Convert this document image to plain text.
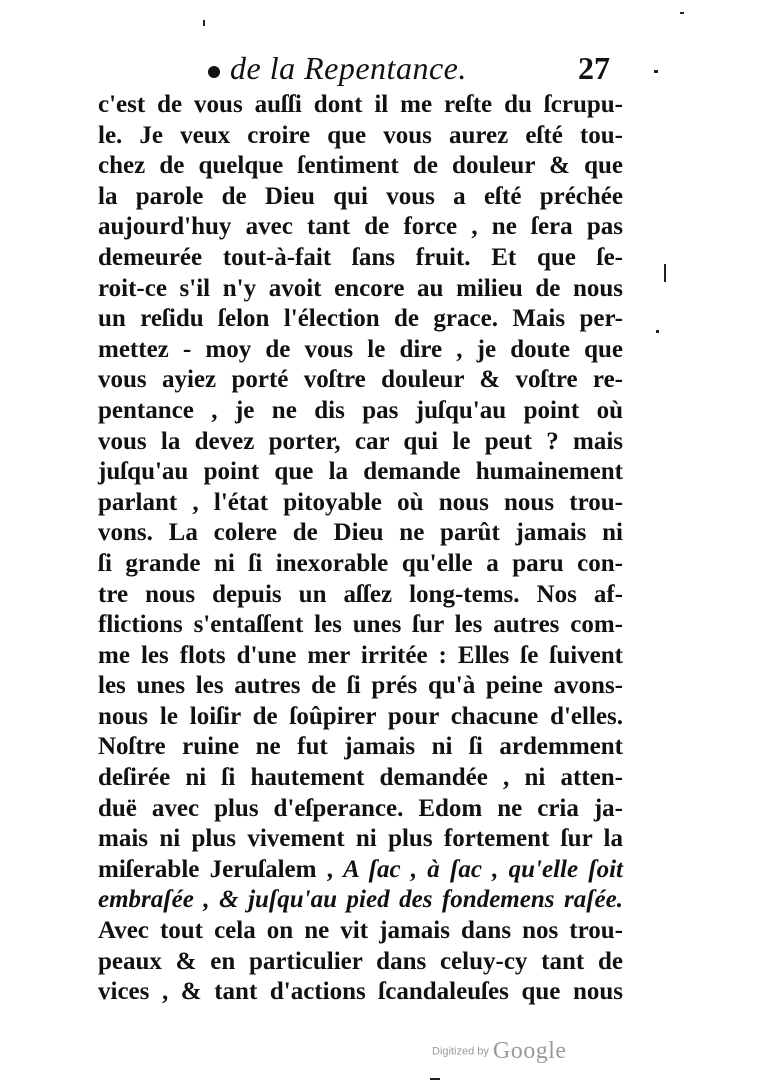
de la Repentance.	27
c'est de vous auſſi dont il me reſte du ſcrupu-
le. Je veux croire que vous aurez eſté tou-
chez de quelque ſentiment de douleur & que
la parole de Dieu qui vous a eſté préchée
aujourd'huy avec tant de force , ne ſera pas
demeurée tout-à-fait ſans fruit. Et que ſe-
roit-ce s'il n'y avoit encore au milieu de nous
un reſidu ſelon l'élection de grace. Mais per-
mettez - moy de vous le dire , je doute que
vous ayiez porté voſtre douleur & voſtre re-
pentance , je ne dis pas juſqu'au point où
vous la devez porter, car qui le peut ? mais
juſqu'au point que la demande humainement
parlant , l'état pitoyable où nous nous trou-
vons. La colere de Dieu ne parût jamais ni
ſi grande ni ſi inexorable qu'elle a paru con-
tre nous depuis un aſſez long-tems. Nos af-
flictions s'entaſſent les unes ſur les autres com-
me les flots d'une mer irritée : Elles ſe ſuivent
les unes les autres de ſi prés qu'à peine avons-
nous le loiſir de ſoûpirer pour chacune d'elles.
Noſtre ruine ne fut jamais ni ſi ardemment
deſirée ni ſi hautement demandée , ni atten-
duë avec plus d'eſperance. Edom ne cria ja-
mais ni plus vivement ni plus fortement ſur la
miſerable Jeruſalem , A ſac , à ſac , qu'elle ſoit
embraſée , & juſqu'au pied des fondemens raſée.
Avec tout cela on ne vit jamais dans nos trou-
peaux & en particulier dans celuy-cy tant de
vices , & tant d'actions ſcandaleuſes que nous
Digitized by Google
